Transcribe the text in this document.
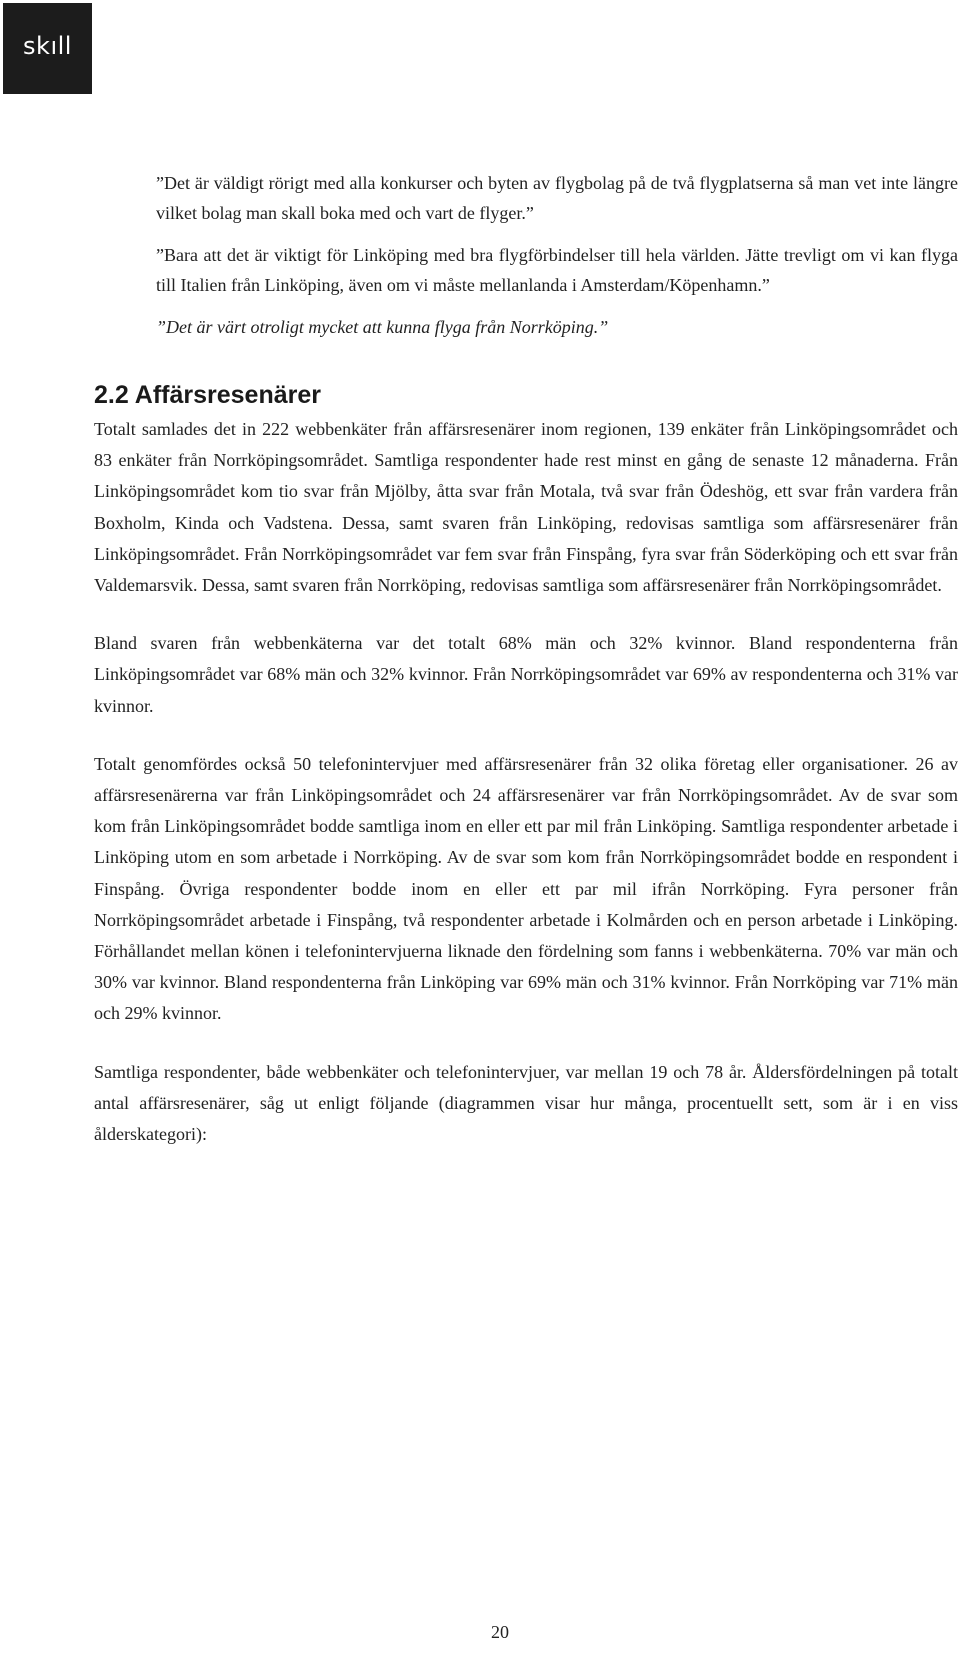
skıll

”Det är väldigt rörigt med alla konkurser och byten av flygbolag på de två flygplatserna så man vet inte längre vilket bolag man skall boka med och vart de flyger.”

”Bara att det är viktigt för Linköping med bra flygförbindelser till hela världen. Jätte trevligt om vi kan flyga till Italien från Linköping, även om vi måste mellanlanda i Amsterdam/Köpenhamn.”

”Det är värt otroligt mycket att kunna flyga från Norrköping.”

2.2 Affärsresenärer

Totalt samlades det in 222 webbenkäter från affärsresenärer inom regionen, 139 enkäter från Linköpingsområdet och 83 enkäter från Norrköpingsområdet. Samtliga respondenter hade rest minst en gång de senaste 12 månaderna. Från Linköpingsområdet kom tio svar från Mjölby, åtta svar från Motala, två svar från Ödeshög, ett svar från vardera från Boxholm, Kinda och Vadstena. Dessa, samt svaren från Linköping, redovisas samtliga som affärsresenärer från Linköpingsområdet. Från Norrköpingsområdet var fem svar från Finspång, fyra svar från Söderköping och ett svar från Valdemarsvik. Dessa, samt svaren från Norrköping, redovisas samtliga som affärsresenärer från Norrköpingsområdet.

Bland svaren från webbenkäterna var det totalt 68% män och 32% kvinnor. Bland respondenterna från Linköpingsområdet var 68% män och 32% kvinnor. Från Norrköpingsområdet var 69% av respondenterna och 31% var kvinnor.

Totalt genomfördes också 50 telefonintervjuer med affärsresenärer från 32 olika företag eller organisationer. 26 av affärsresenärerna var från Linköpingsområdet och 24 affärsresenärer var från Norrköpingsområdet. Av de svar som kom från Linköpingsområdet bodde samtliga inom en eller ett par mil från Linköping. Samtliga respondenter arbetade i Linköping utom en som arbetade i Norrköping. Av de svar som kom från Norrköpingsområdet bodde en respondent i Finspång. Övriga respondenter bodde inom en eller ett par mil ifrån Norrköping. Fyra personer från Norrköpingsområdet arbetade i Finspång, två respondenter arbetade i Kolmården och en person arbetade i Linköping. Förhållandet mellan könen i telefonintervjuerna liknade den fördelning som fanns i webbenkäterna. 70% var män och 30% var kvinnor. Bland respondenterna från Linköping var 69% män och 31% kvinnor. Från Norrköping var 71% män och 29% kvinnor.

Samtliga respondenter, både webbenkäter och telefonintervjuer, var mellan 19 och 78 år. Åldersfördelningen på totalt antal affärsresenärer, såg ut enligt följande (diagrammen visar hur många, procentuellt sett, som är i en viss ålderskategori):

20
